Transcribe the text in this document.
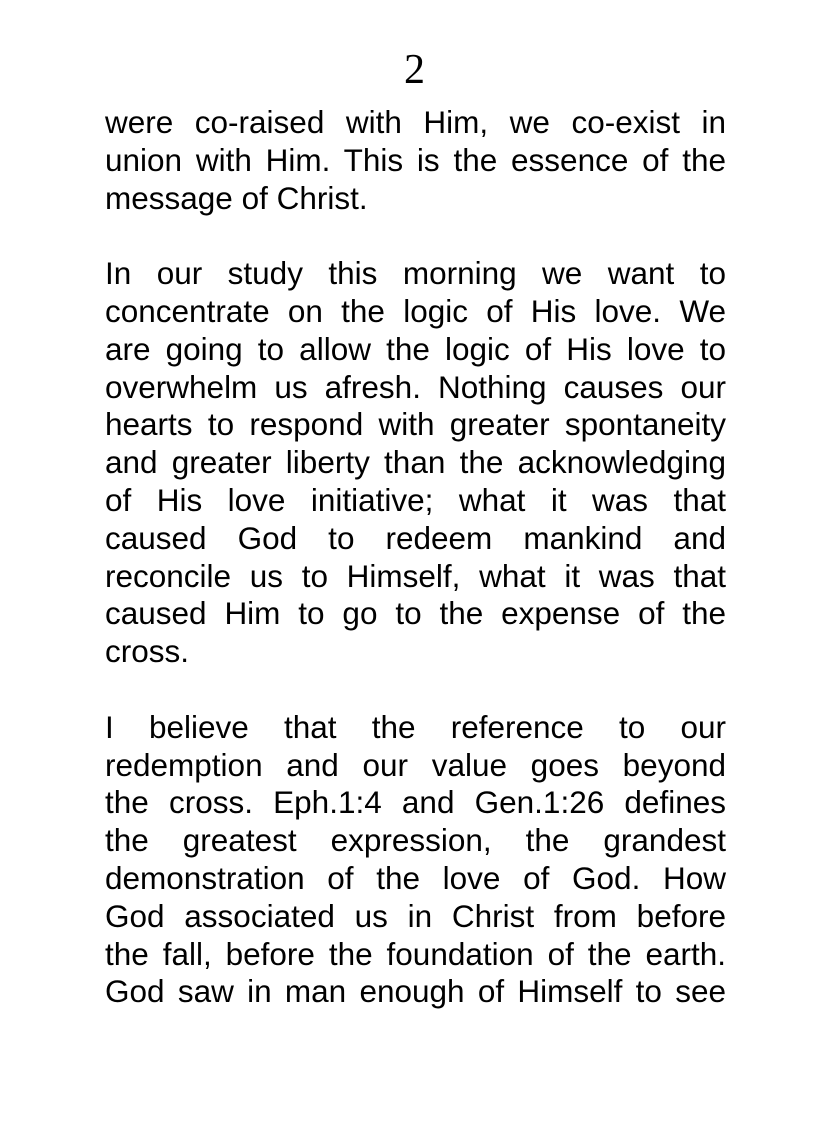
2
were co-raised with Him, we co-exist in
union with Him. This is the essence of the
message of Christ.
In our study this morning we want to
concentrate on the logic of His love. We
are going to allow the logic of His love to
overwhelm us afresh. Nothing causes our
hearts to respond with greater spontaneity
and greater liberty than the acknowledging
of His love initiative; what it was that
caused God to redeem mankind and
reconcile us to Himself, what it was that
caused Him to go to the expense of the
cross.
I believe that the reference to our
redemption and our value goes beyond
the cross. Eph.1:4 and Gen.1:26 defines
the greatest expression, the grandest
demonstration of the love of God. How
God associated us in Christ from before
the fall, before the foundation of the earth.
God saw in man enough of Himself to see
